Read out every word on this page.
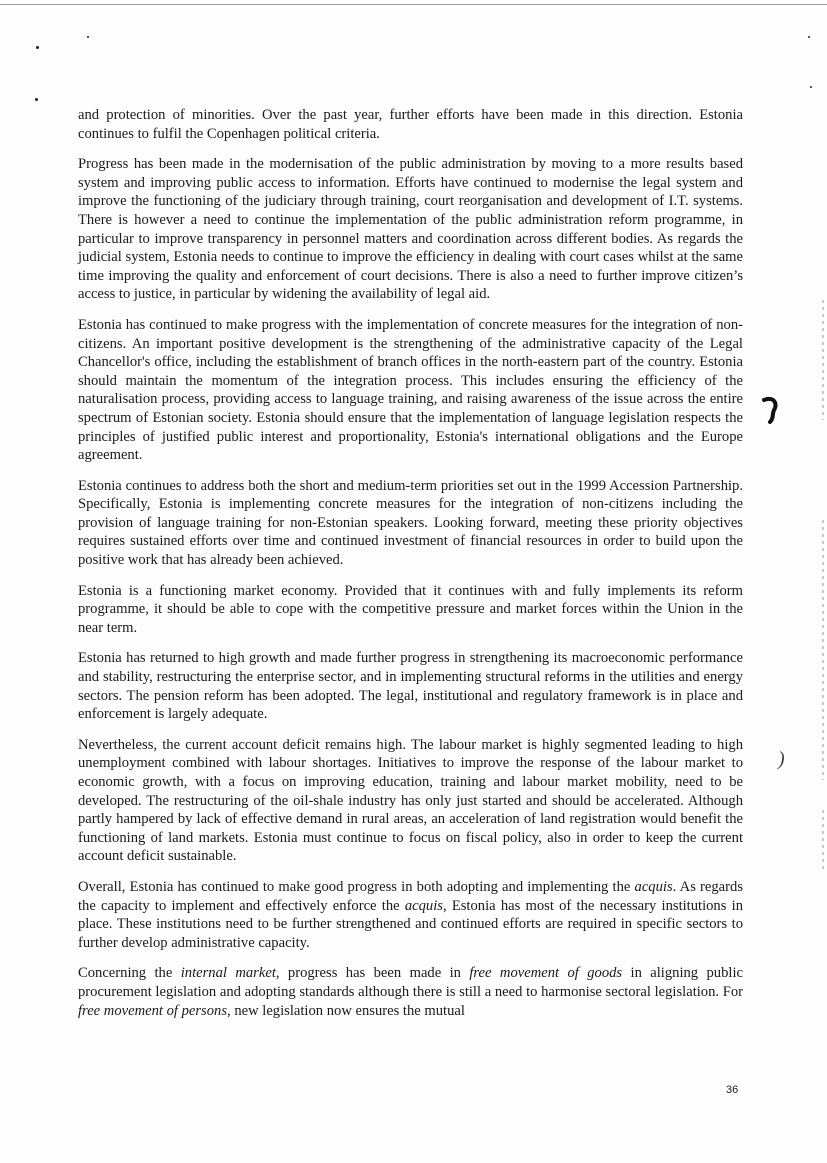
)

and protection of minorities. Over the past year, further efforts have been made in this direction. Estonia continues to fulfil the Copenhagen political criteria.

Progress has been made in the modernisation of the public administration by moving to a more results based system and improving public access to information. Efforts have continued to modernise the legal system and improve the functioning of the judiciary through training, court reorganisation and development of I.T. systems. There is however a need to continue the implementation of the public administration reform programme, in particular to improve transparency in personnel matters and coordination across different bodies. As regards the judicial system, Estonia needs to continue to improve the efficiency in dealing with court cases whilst at the same time improving the quality and enforcement of court decisions. There is also a need to further improve citizen’s access to justice, in particular by widening the availability of legal aid.

Estonia has continued to make progress with the implementation of concrete measures for the integration of non-citizens. An important positive development is the strengthening of the administrative capacity of the Legal Chancellor's office, including the establishment of branch offices in the north-eastern part of the country. Estonia should maintain the momentum of the integration process. This includes ensuring the efficiency of the naturalisation process, providing access to language training, and raising awareness of the issue across the entire spectrum of Estonian society. Estonia should ensure that the implementation of language legislation respects the principles of justified public interest and proportionality, Estonia's international obligations and the Europe agreement.

Estonia continues to address both the short and medium-term priorities set out in the 1999 Accession Partnership. Specifically, Estonia is implementing concrete measures for the integration of non-citizens including the provision of language training for non-Estonian speakers. Looking forward, meeting these priority objectives requires sustained efforts over time and continued investment of financial resources in order to build upon the positive work that has already been achieved.

Estonia is a functioning market economy. Provided that it continues with and fully implements its reform programme, it should be able to cope with the competitive pressure and market forces within the Union in the near term.

Estonia has returned to high growth and made further progress in strengthening its macroeconomic performance and stability, restructuring the enterprise sector, and in implementing structural reforms in the utilities and energy sectors. The pension reform has been adopted. The legal, institutional and regulatory framework is in place and enforcement is largely adequate.

Nevertheless, the current account deficit remains high. The labour market is highly segmented leading to high unemployment combined with labour shortages. Initiatives to improve the response of the labour market to economic growth, with a focus on improving education, training and labour market mobility, need to be developed. The restructuring of the oil-shale industry has only just started and should be accelerated. Although partly hampered by lack of effective demand in rural areas, an acceleration of land registration would benefit the functioning of land markets. Estonia must continue to focus on fiscal policy, also in order to keep the current account deficit sustainable.

Overall, Estonia has continued to make good progress in both adopting and implementing the acquis. As regards the capacity to implement and effectively enforce the acquis, Estonia has most of the necessary institutions in place. These institutions need to be further strengthened and continued efforts are required in specific sectors to further develop administrative capacity.

Concerning the internal market, progress has been made in free movement of goods in aligning public procurement legislation and adopting standards although there is still a need to harmonise sectoral legislation. For free movement of persons, new legislation now ensures the mutual

36
